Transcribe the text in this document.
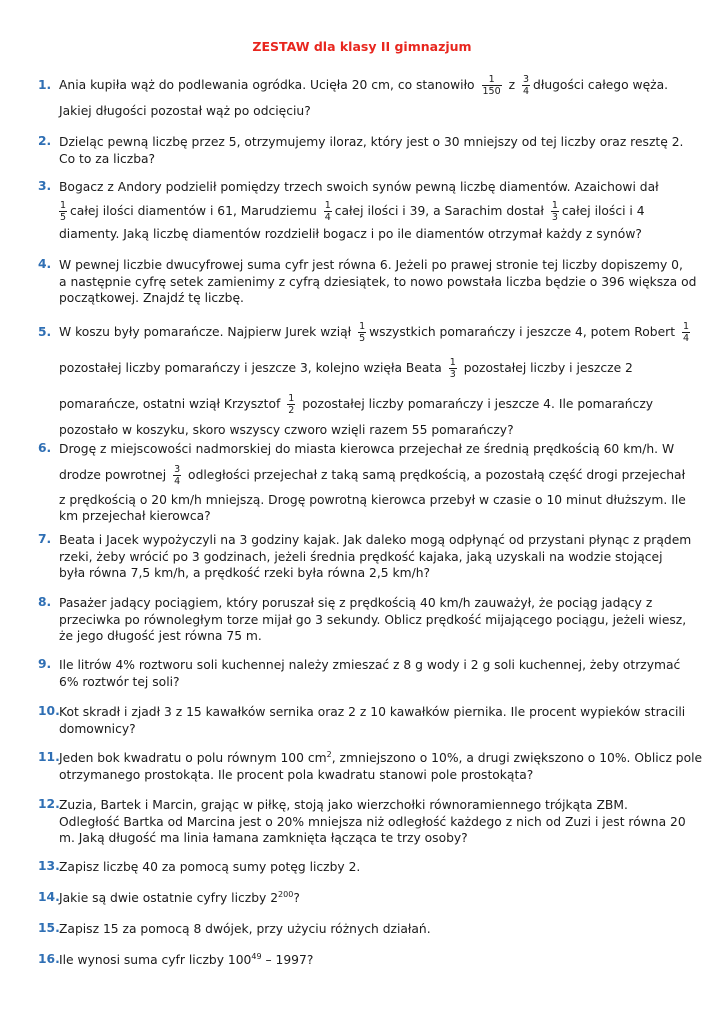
ZESTAW dla klasy II gimnazjum
1. Ania kupiła wąż do podlewania ogródka. Ucięła 20 cm, co stanowiło $\frac{1}{150}$ z $\frac{3}{4}$ długości całego węża.
Jakiej długości pozostał wąż po odcięciu?
2. Dzieląc pewną liczbę przez 5, otrzymujemy iloraz, który jest o 30 mniejszy od tej liczby oraz resztę 2.
Co to za liczba?
3. Bogacz z Andory podzielił pomiędzy trzech swoich synów pewną liczbę diamentów. Azaichowi dał
$\frac{1}{5}$ całej ilości diamentów i 61, Marudziemu $\frac{1}{4}$ całej ilości i 39, a Sarachim dostał $\frac{1}{3}$ całej ilości i 4
diamenty. Jaką liczbę diamentów rozdzielił bogacz i po ile diamentów otrzymał każdy z synów?
4. W pewnej liczbie dwucyfrowej suma cyfr jest równa 6. Jeżeli po prawej stronie tej liczby dopiszemy 0,
a następnie cyfrę setek zamienimy z cyfrą dziesiątek, to nowo powstała liczba będzie o 396 większa od
początkowej. Znajdź tę liczbę.
5. W koszu były pomarańcze. Najpierw Jurek wziął $\frac{1}{5}$ wszystkich pomarańczy i jeszcze 4, potem Robert $\frac{1}{4}$
pozostałej liczby pomarańczy i jeszcze 3, kolejno wzięła Beata $\frac{1}{3}$ pozostałej liczby i jeszcze 2
pomarańcze, ostatni wziął Krzysztof $\frac{1}{2}$ pozostałej liczby pomarańczy i jeszcze 4. Ile pomarańczy
pozostało w koszyku, skoro wszyscy czworo wzięli razem 55 pomarańczy?
6. Drogę z miejscowości nadmorskiej do miasta kierowca przejechał ze średnią prędkością 60 km/h. W
drodze powrotnej $\frac{3}{4}$ odległości przejechał z taką samą prędkością, a pozostałą część drogi przejechał
z prędkością o 20 km/h mniejszą. Drogę powrotną kierowca przebył w czasie o 10 minut dłuższym. Ile
km przejechał kierowca?
7. Beata i Jacek wypożyczyli na 3 godziny kajak. Jak daleko mogą odpłynąć od przystani płynąc z prądem
rzeki, żeby wrócić po 3 godzinach, jeżeli średnia prędkość kajaka, jaką uzyskali na wodzie stojącej
była równa 7,5 km/h, a prędkość rzeki była równa 2,5 km/h?
8. Pasażer jadący pociągiem, który poruszał się z prędkością 40 km/h zauważył, że pociąg jadący z
przeciwka po równoległym torze mijał go 3 sekundy. Oblicz prędkość mijającego pociągu, jeżeli wiesz,
że jego długość jest równa 75 m.
9. Ile litrów 4% roztworu soli kuchennej należy zmieszać z 8 g wody i 2 g soli kuchennej, żeby otrzymać
6% roztwór tej soli?
10. Kot skradł i zjadł 3 z 15 kawałków sernika oraz 2 z 10 kawałków piernika. Ile procent wypieków stracili
domownicy?
11. Jeden bok kwadratu o polu równym 100 $cm^2$, zmniejszono o 10%, a drugi zwiększono o 10%. Oblicz pole
otrzymanego prostokąta. Ile procent pola kwadratu stanowi pole prostokąta?
12. Zuzia, Bartek i Marcin, grając w piłkę, stoją jako wierzchołki równoramiennego trójkąta ZBM.
Odległość Bartka od Marcina jest o 20% mniejsza niż odległość każdego z nich od Zuzi i jest równa 20
m. Jaką długość ma linia łamana zamknięta łącząca te trzy osoby?
13. Zapisz liczbę 40 za pomocą sumy potęg liczby 2.
14. Jakie są dwie ostatnie cyfry liczby $2^{200}$?
15. Zapisz 15 za pomocą 8 dwójek, przy użyciu różnych działań.
16. Ile wynosi suma cyfr liczby $100^{49} - 1997$?
